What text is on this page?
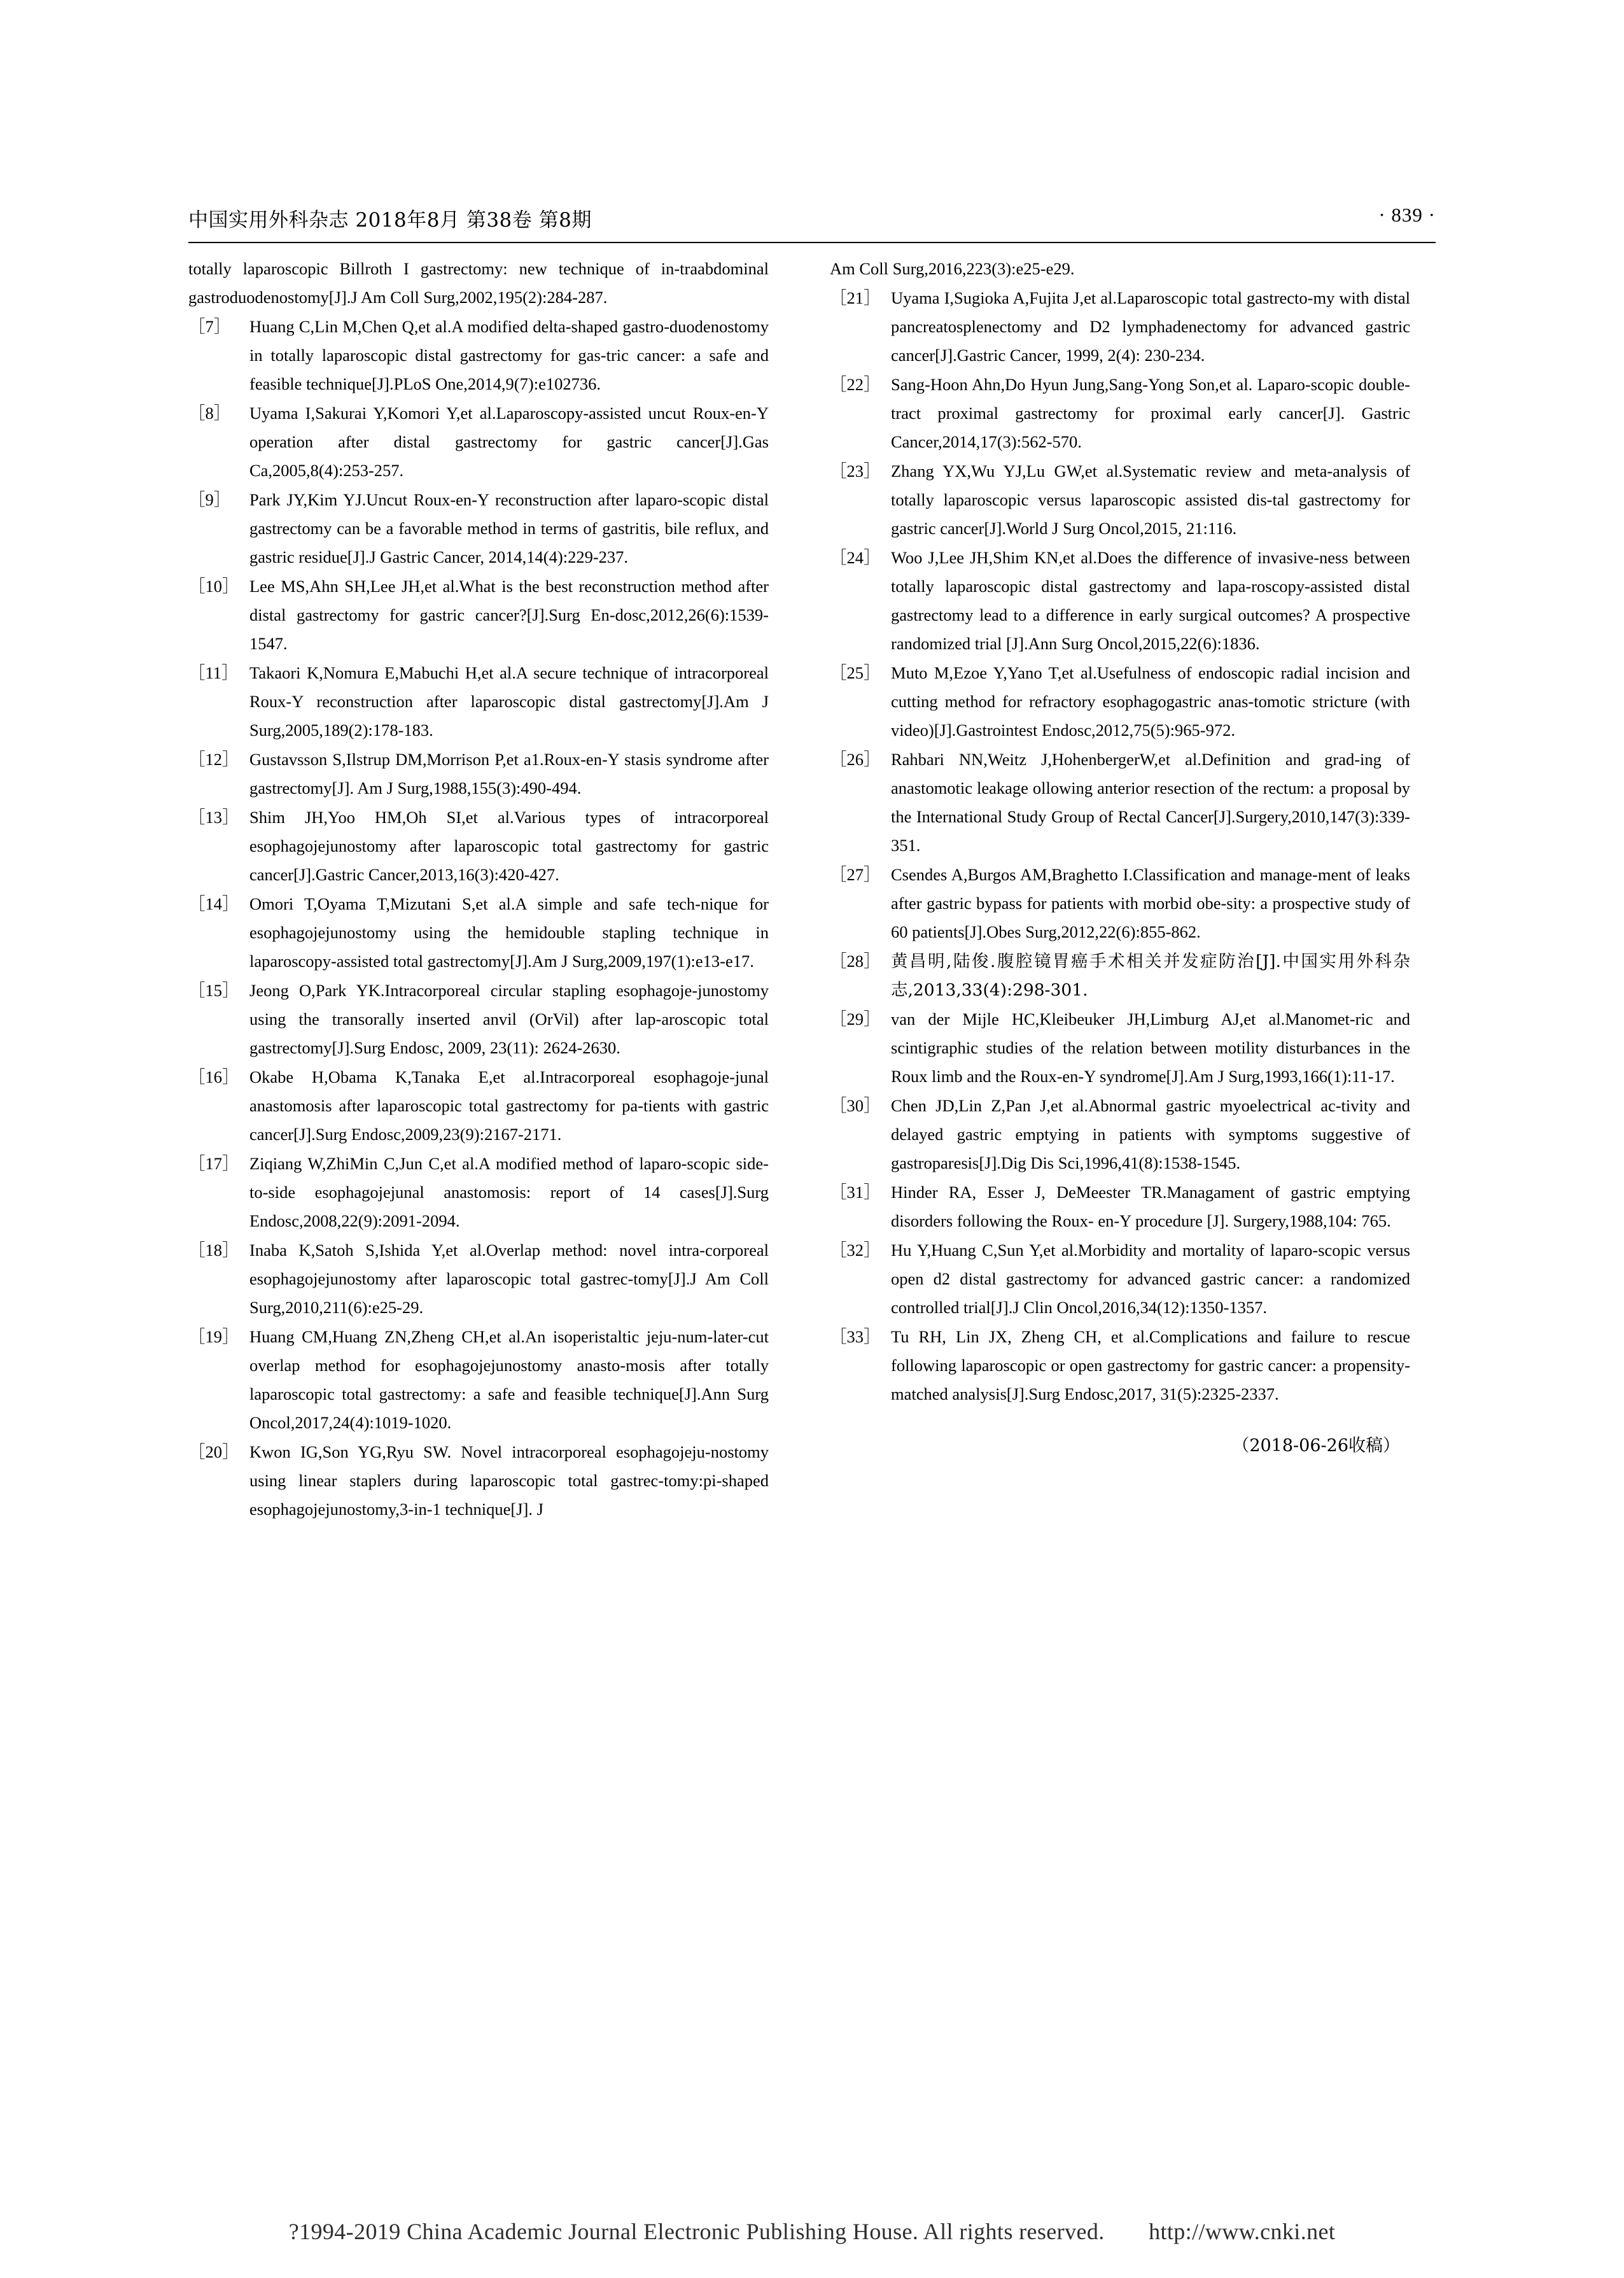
中国实用外科杂志 2018年8月 第38卷 第8期	· 839 ·
totally laparoscopic Billroth I gastrectomy: new technique of in-traabdominal gastroduodenostomy[J].J Am Coll Surg,2002,195(2):284-287.
［7］	Huang C,Lin M,Chen Q,et al.A modified delta-shaped gastro-duodenostomy in totally laparoscopic distal gastrectomy for gas-tric cancer: a safe and feasible technique[J].PLoS One,2014,9(7):e102736.
［8］	Uyama I,Sakurai Y,Komori Y,et al.Laparoscopy-assisted uncut Roux-en-Y operation after distal gastrectomy for gastric cancer[J].Gas Ca,2005,8(4):253-257.
［9］	Park JY,Kim YJ.Uncut Roux-en-Y reconstruction after laparo-scopic distal gastrectomy can be a favorable method in terms of gastritis, bile reflux, and gastric residue[J].J Gastric Cancer, 2014,14(4):229-237.
［10］ Lee MS,Ahn SH,Lee JH,et al.What is the best reconstruction method after distal gastrectomy for gastric cancer?[J].Surg En-dosc,2012,26(6):1539-1547.
［11］ Takaori K,Nomura E,Mabuchi H,et al.A secure technique of intracorporeal Roux-Y reconstruction after laparoscopic distal gastrectomy[J].Am J Surg,2005,189(2):178-183.
［12］ Gustavsson S,Ilstrup DM,Morrison P,et a1.Roux-en-Y stasis syndrome after gastrectomy[J]. Am J Surg,1988,155(3):490-494.
［13］ Shim JH,Yoo HM,Oh SI,et al.Various types of intracorporeal esophagojejunostomy after laparoscopic total gastrectomy for gastric cancer[J].Gastric Cancer,2013,16(3):420-427.
［14］ Omori T,Oyama T,Mizutani S,et al.A simple and safe tech-nique for esophagojejunostomy using the hemidouble stapling technique in laparoscopy-assisted total gastrectomy[J].Am J Surg,2009,197(1):e13-e17.
［15］ Jeong O,Park YK.Intracorporeal circular stapling esophagoje-junostomy using the transorally inserted anvil (OrVil) after lap-aroscopic total gastrectomy[J].Surg Endosc, 2009, 23(11): 2624-2630.
［16］ Okabe H,Obama K,Tanaka E,et al.Intracorporeal esophagoje-junal anastomosis after laparoscopic total gastrectomy for pa-tients with gastric cancer[J].Surg Endosc,2009,23(9):2167-2171.
［17］ Ziqiang W,ZhiMin C,Jun C,et al.A modified method of laparo-scopic side-to-side esophagojejunal anastomosis: report of 14 cases[J].Surg Endosc,2008,22(9):2091-2094.
［18］ Inaba K,Satoh S,Ishida Y,et al.Overlap method: novel intra-corporeal esophagojejunostomy after laparoscopic total gastrec-tomy[J].J Am Coll Surg,2010,211(6):e25-29.
［19］ Huang CM,Huang ZN,Zheng CH,et al.An isoperistaltic jeju-num-later-cut overlap method for esophagojejunostomy anasto-mosis after totally laparoscopic total gastrectomy: a safe and feasible technique[J].Ann Surg Oncol,2017,24(4):1019-1020.
［20］ Kwon IG,Son YG,Ryu SW. Novel intracorporeal esophagojeju-nostomy using linear staplers during laparoscopic total gastrec-tomy:pi-shaped esophagojejunostomy,3-in-1 technique[J]. J
Am Coll Surg,2016,223(3):e25-e29.
［21］ Uyama I,Sugioka A,Fujita J,et al.Laparoscopic total gastrecto-my with distal pancreatosplenectomy and D2 lymphadenectomy for advanced gastric cancer[J].Gastric Cancer, 1999, 2(4): 230-234.
［22］ Sang-Hoon Ahn,Do Hyun Jung,Sang-Yong Son,et al. Laparo-scopic double- tract proximal gastrectomy for proximal early cancer[J]. Gastric Cancer,2014,17(3):562-570.
［23］ Zhang YX,Wu YJ,Lu GW,et al.Systematic review and meta-analysis of totally laparoscopic versus laparoscopic assisted dis-tal gastrectomy for gastric cancer[J].World J Surg Oncol,2015, 21:116.
［24］ Woo J,Lee JH,Shim KN,et al.Does the difference of invasive-ness between totally laparoscopic distal gastrectomy and lapa-roscopy-assisted distal gastrectomy lead to a difference in early surgical outcomes? A prospective randomized trial [J].Ann Surg Oncol,2015,22(6):1836.
［25］ Muto M,Ezoe Y,Yano T,et al.Usefulness of endoscopic radial incision and cutting method for refractory esophagogastric anas-tomotic stricture (with video)[J].Gastrointest Endosc,2012,75(5):965-972.
［26］ Rahbari NN,Weitz J,HohenbergerW,et al.Definition and grad-ing of anastomotic leakage ollowing anterior resection of the rectum: a proposal by the International Study Group of Rectal Cancer[J].Surgery,2010,147(3):339-351.
［27］ Csendes A,Burgos AM,Braghetto I.Classification and manage-ment of leaks after gastric bypass for patients with morbid obe-sity: a prospective study of 60 patients[J].Obes Surg,2012,22(6):855-862.
［28］ 黄昌明,陆俊.腹腔镜胃癌手术相关并发症防治[J].中国实用外科杂志,2013,33(4):298-301.
［29］ van der Mijle HC,Kleibeuker JH,Limburg AJ,et al.Manomet-ric and scintigraphic studies of the relation between motility disturbances in the Roux limb and the Roux-en-Y syndrome[J].Am J Surg,1993,166(1):11-17.
［30］ Chen JD,Lin Z,Pan J,et al.Abnormal gastric myoelectrical ac-tivity and delayed gastric emptying in patients with symptoms suggestive of gastroparesis[J].Dig Dis Sci,1996,41(8):1538-1545.
［31］ Hinder RA, Esser J, DeMeester TR.Managament of gastric emptying disorders following the Roux- en-Y procedure [J]. Surgery,1988,104: 765.
［32］ Hu Y,Huang C,Sun Y,et al.Morbidity and mortality of laparo-scopic versus open d2 distal gastrectomy for advanced gastric cancer: a randomized controlled trial[J].J Clin Oncol,2016,34(12):1350-1357.
［33］ Tu RH, Lin JX, Zheng CH, et al.Complications and failure to rescue following laparoscopic or open gastrectomy for gastric cancer: a propensity-matched analysis[J].Surg Endosc,2017, 31(5):2325-2337.
（2018-06-26收稿）
?1994-2019 China Academic Journal Electronic Publishing House. All rights reserved. http://www.cnki.net
